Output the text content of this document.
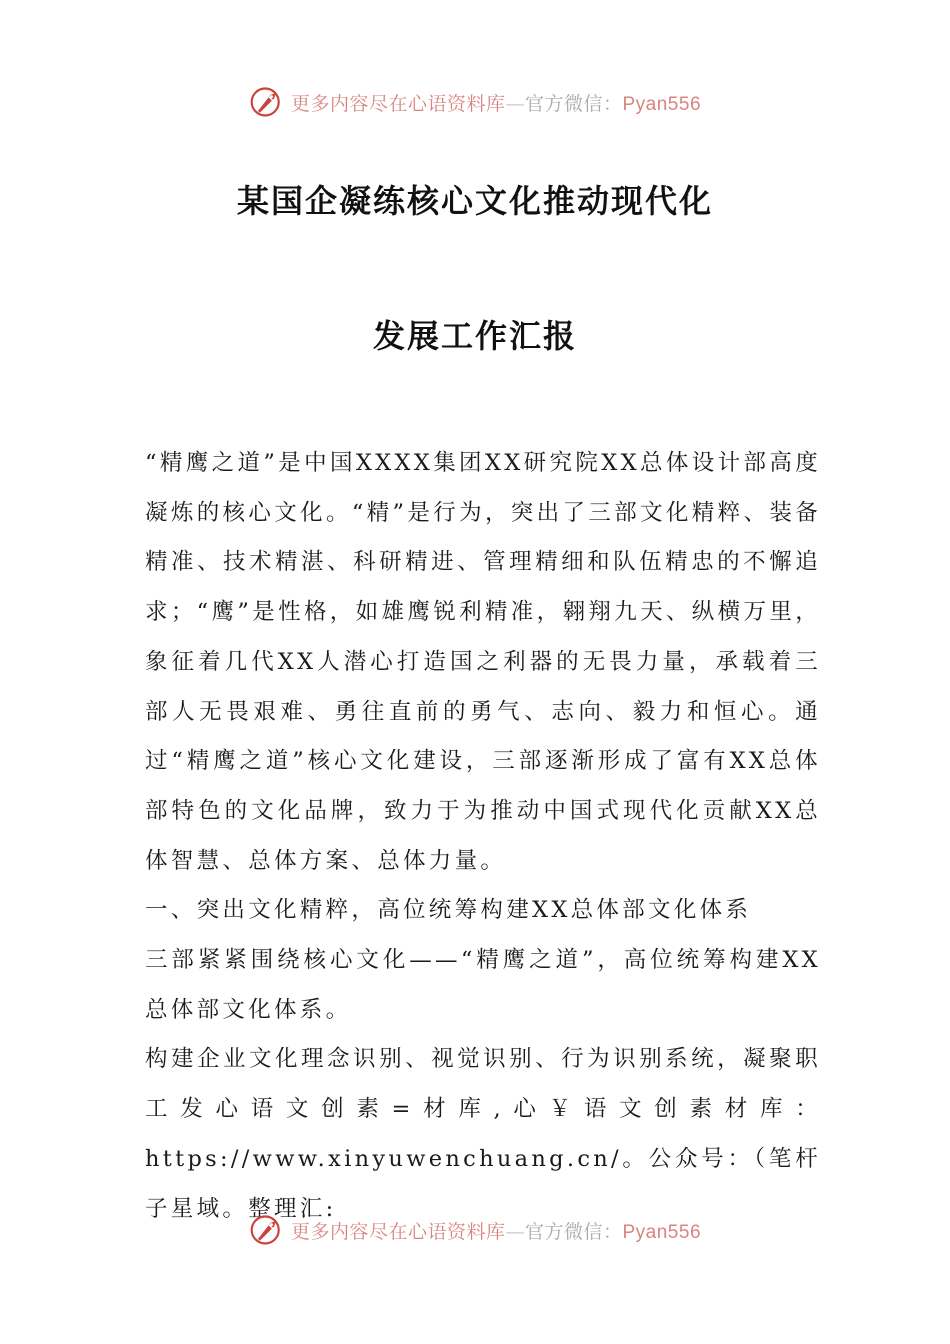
更多内容尽在心语资料库—官方微信：Pyan556
某国企凝练核心文化推动现代化
发展工作汇报
“精鹰之道”是中国XXXX集团XX研究院XX总体设计部高度凝炼的核心文化。“精”是行为，突出了三部文化精粹、装备精准、技术精湛、科研精进、管理精细和队伍精忠的不懈追求；“鹰”是性格，如雄鹰锐利精准，翱翔九天、纵横万里，象征着几代XX人潜心打造国之利器的无畏力量，承载着三部人无畏艰难、勇往直前的勇气、志向、毅力和恒心。通过“精鹰之道”核心文化建设，三部逐渐形成了富有XX总体部特色的文化品牌，致力于为推动中国式现代化贡献XX总体智慧、总体方案、总体力量。
一、突出文化精粹，高位统筹构建XX总体部文化体系
三部紧紧围绕核心文化——“精鹰之道”，高位统筹构建XX总体部文化体系。
构建企业文化理念识别、视觉识别、行为识别系统，凝聚职工发心语文创素=材库,心￥语文创素材库：https://www.xinyuwenchuang.cn/。公众号：（笔杆子星域。整理汇:
更多内容尽在心语资料库—官方微信：Pyan556
